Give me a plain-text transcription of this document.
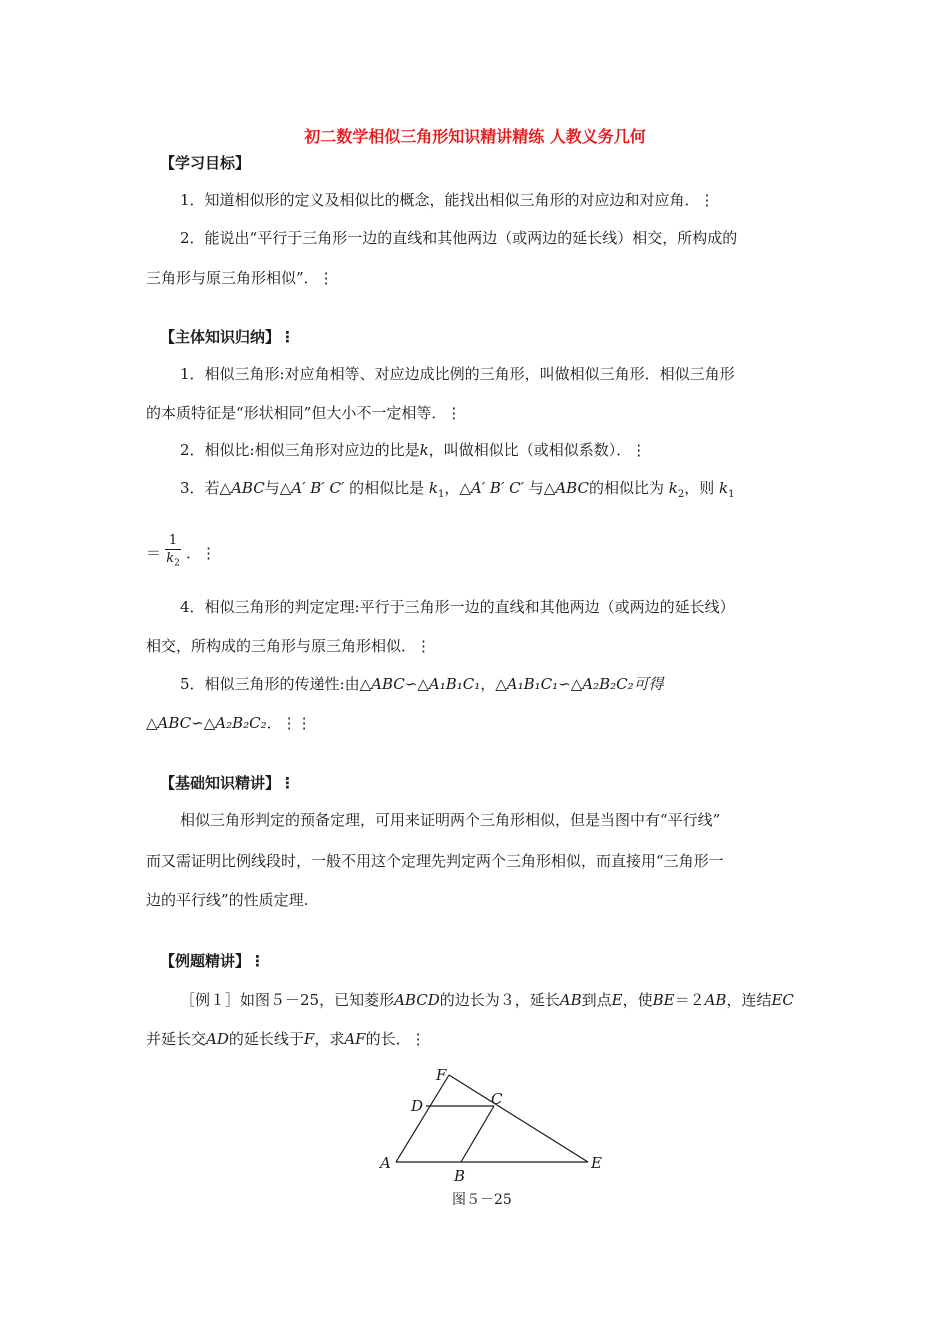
初二数学相似三角形知识精讲精练 人教义务几何
【学习目标】
1．知道相似形的定义及相似比的概念，能找出相似三角形的对应边和对应角．⋮
2．能说出“平行于三角形一边的直线和其他两边（或两边的延长线）相交，所构成的
三角形与原三角形相似”．⋮
【主体知识归纳】⋮
1．相似三角形:对应角相等、对应边成比例的三角形，叫做相似三角形．相似三角形
的本质特征是“形状相同”但大小不一定相等．⋮
2．相似比:相似三角形对应边的比是k，叫做相似比（或相似系数）．⋮
3．若△ABC与△A′ B′ C′ 的相似比是 $k_1$，△A′ B′ C′ 与△ABC的相似比为 $k_2$，则 $k_1$
＝
1
$k_2$
．⋮
4．相似三角形的判定定理:平行于三角形一边的直线和其他两边（或两边的延长线）
相交，所构成的三角形与原三角形相似．⋮
5．相似三角形的传递性:由△ABC∽△A₁B₁C₁，△A₁B₁C₁∽△A₂B₂C₂可得
△ABC∽△A₂B₂C₂．⋮⋮
【基础知识精讲】⋮
相似三角形判定的预备定理，可用来证明两个三角形相似，但是当图中有“平行线”
而又需证明比例线段时，一般不用这个定理先判定两个三角形相似，而直接用“三角形一
边的平行线”的性质定理.
【例题精讲】⋮
［例１］如图５－25，已知菱形ABCD的边长为３，延长AB到点E，使BE＝２AB，连结EC
并延长交AD的延长线于F，求AF的长．⋮
F
D	C
A
B
E
图５－25
